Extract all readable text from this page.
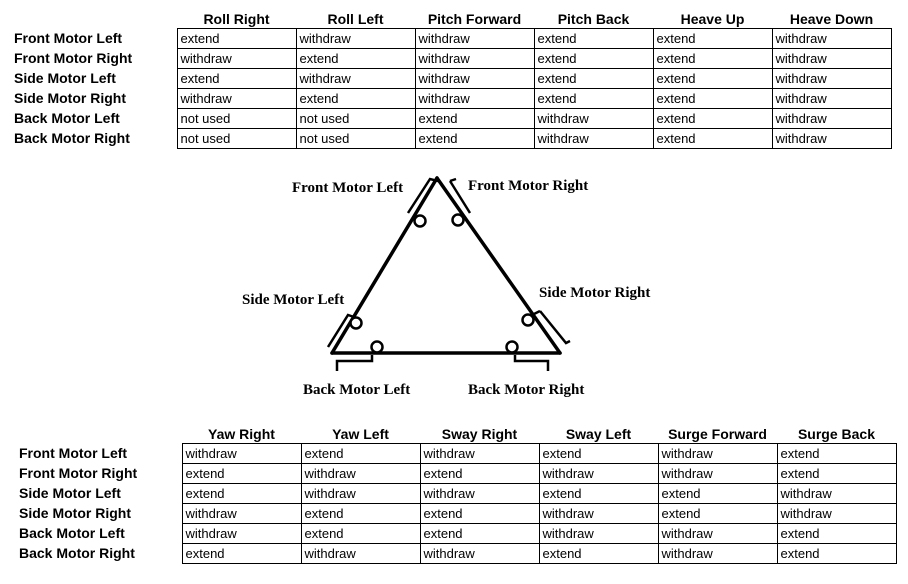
	Roll Right	Roll Left	Pitch Forward	Pitch Back	Heave Up	Heave Down
Front Motor Left	extend	withdraw	withdraw	extend	extend	withdraw
Front Motor Right	withdraw	extend	withdraw	extend	extend	withdraw
Side Motor Left	extend	withdraw	withdraw	extend	extend	withdraw
Side Motor Right	withdraw	extend	withdraw	extend	extend	withdraw
Back Motor Left	not used	not used	extend	withdraw	extend	withdraw
Back Motor Right	not used	not used	extend	withdraw	extend	withdraw
Front Motor Left	Front Motor Right
Side Motor Left	Side Motor Right
Back Motor Left	Back Motor Right
	Yaw Right	Yaw Left	Sway Right	Sway Left	Surge Forward	Surge Back
Front Motor Left	withdraw	extend	withdraw	extend	withdraw	extend
Front Motor Right	extend	withdraw	extend	withdraw	withdraw	extend
Side Motor Left	extend	withdraw	withdraw	extend	extend	withdraw
Side Motor Right	withdraw	extend	extend	withdraw	extend	withdraw
Back Motor Left	withdraw	extend	extend	withdraw	withdraw	extend
Back Motor Right	extend	withdraw	withdraw	extend	withdraw	extend
